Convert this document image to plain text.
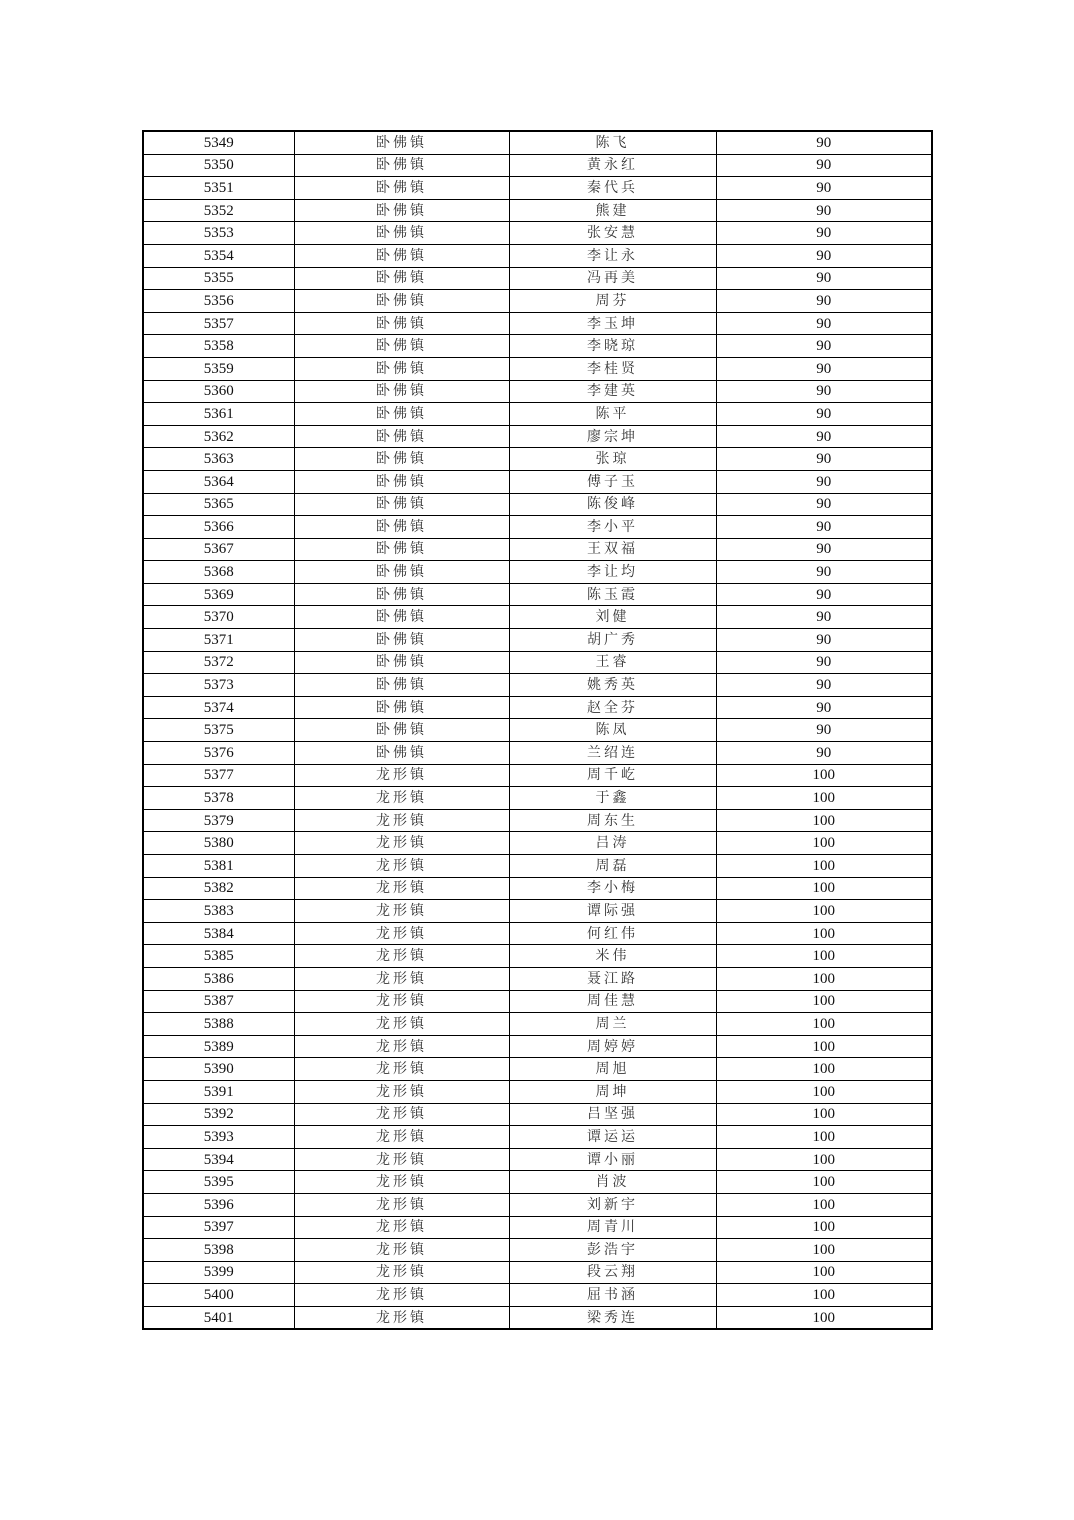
5349	卧佛镇	陈飞	90
5350	卧佛镇	黄永红	90
5351	卧佛镇	秦代兵	90
5352	卧佛镇	熊建	90
5353	卧佛镇	张安慧	90
5354	卧佛镇	李让永	90
5355	卧佛镇	冯再美	90
5356	卧佛镇	周芬	90
5357	卧佛镇	李玉坤	90
5358	卧佛镇	李晓琼	90
5359	卧佛镇	李桂贤	90
5360	卧佛镇	李建英	90
5361	卧佛镇	陈平	90
5362	卧佛镇	廖宗坤	90
5363	卧佛镇	张琼	90
5364	卧佛镇	傅子玉	90
5365	卧佛镇	陈俊峰	90
5366	卧佛镇	李小平	90
5367	卧佛镇	王双福	90
5368	卧佛镇	李让均	90
5369	卧佛镇	陈玉霞	90
5370	卧佛镇	刘健	90
5371	卧佛镇	胡广秀	90
5372	卧佛镇	王睿	90
5373	卧佛镇	姚秀英	90
5374	卧佛镇	赵全芬	90
5375	卧佛镇	陈凤	90
5376	卧佛镇	兰绍连	90
5377	龙形镇	周千屹	100
5378	龙形镇	于鑫	100
5379	龙形镇	周东生	100
5380	龙形镇	吕涛	100
5381	龙形镇	周磊	100
5382	龙形镇	李小梅	100
5383	龙形镇	谭际强	100
5384	龙形镇	何红伟	100
5385	龙形镇	米伟	100
5386	龙形镇	聂江路	100
5387	龙形镇	周佳慧	100
5388	龙形镇	周兰	100
5389	龙形镇	周婷婷	100
5390	龙形镇	周旭	100
5391	龙形镇	周坤	100
5392	龙形镇	吕坚强	100
5393	龙形镇	谭运运	100
5394	龙形镇	谭小丽	100
5395	龙形镇	肖波	100
5396	龙形镇	刘新宇	100
5397	龙形镇	周青川	100
5398	龙形镇	彭浩宇	100
5399	龙形镇	段云翔	100
5400	龙形镇	屈书涵	100
5401	龙形镇	梁秀连	100
